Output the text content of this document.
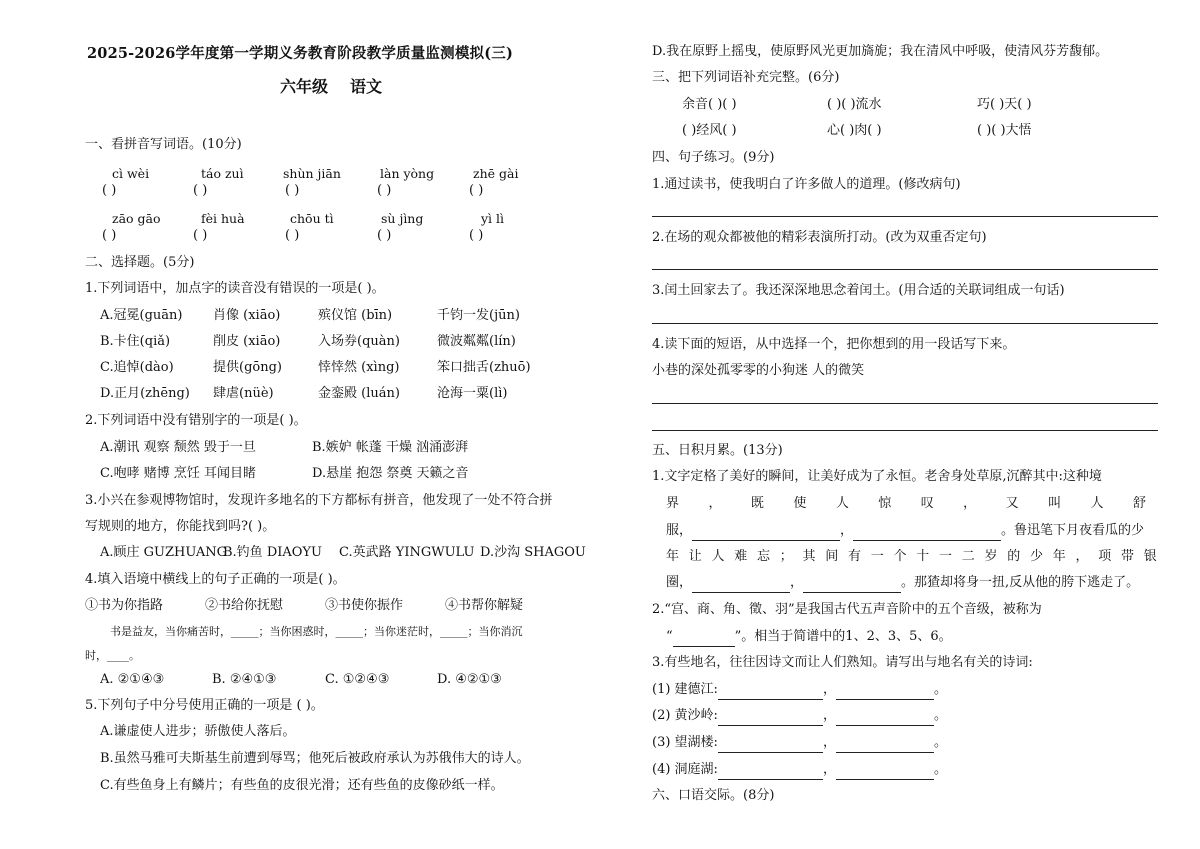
2025-2026学年度第一学期义务教育阶段教学质量监测模拟(三)
六年级 语文
一、看拼音写词语。(10分)
cì wèi	táo zuì	shùn jiān	làn yòng	zhē gài
( )	( )	( )	( )	( )
zāo gāo	fèi huà	chōu tì	sù jìng	yì lì
( )	( )	( )	( )	( )
二、选择题。(5分)
1.下列词语中，加点字的读音没有错误的一项是( )。
A.冠冕(guān) 肖像 (xiāo)	殡仪馆 (bīn)	千钧一发(jūn)
B.卡住(qiǎ)	削皮 (xiāo)	入场券(quàn)	微波粼粼(lín)
C.追悼(dào)	提供(gōng)	悻悻然 (xìng)	笨口拙舌(zhuō)
D.正月(zhēng) 肆虐(nüè)	金銮殿 (luán)	沧海一粟(lì)
2.下列词语中没有错别字的一项是( )。
A.潮讯 观察 颓然 毁于一旦	B.嫉妒 帐蓬 干燥 汹涌澎湃
C.咆哮 赌博 烹饪 耳闻目睹	D.悬崖 抱怨 祭奠 天籁之音
3.小兴在参观博物馆时，发现许多地名的下方都标有拼音，他发现了一处不符合拼
写规则的地方，你能找到吗?( )。
A.顾庄 GUZHUANG
B.钓鱼 DIAOYU C.英武路 YINGWULU D.沙沟 SHAGOU
4.填入语境中横线上的句子正确的一项是( )。
①书为你指路	②书给你抚慰	③书使你振作	④书帮你解疑
书是益友，当你痛苦时，_____；当你困惑时，_____；当你迷茫时，_____；当你消沉
时，____。
A. ②①④③	B. ②④①③	C. ①②④③	D. ④②①③
5.下列句子中分号使用正确的一项是 ( )。
A.谦虚使人进步；骄傲使人落后。
B.虽然马雅可夫斯基生前遭到辱骂；他死后被政府承认为苏俄伟大的诗人。
C.有些鱼身上有鳞片；有些鱼的皮很光滑；还有些鱼的皮像砂纸一样。
D.我在原野上摇曳，使原野风光更加旖旎；我在清风中呼吸，使清风芬芳馥郁。
三、把下列词语补充完整。(6分)
余音( )( )	( )( )流水	巧( )天( )
( )经风( )	心( )肉( )	( )( )大悟
四、句子练习。(9分)
1.通过读书，使我明白了许多做人的道理。(修改病句)
2.在场的观众都被他的精彩表演所打动。(改为双重否定句)
3.闰土回家去了。我还深深地思念着闰土。(用合适的关联词组成一句话)
4.读下面的短语，从中选择一个，把你想到的用一段话写下来。
小巷的深处孤零零的小狗迷 人的微笑
五、日积月累。(13分)
1.文字定格了美好的瞬间，让美好成为了永恒。老舍身处草原,沉醉其中:这种境
界 ， 既 使 人 惊 叹 ， 又 叫 人 舒
服，	，	。鲁迅笔下月夜看瓜的少
年 让 人 难 忘 ； 其 间 有 一 个 十 一 二 岁 的 少 年 ， 项 带 银
圈，	，	。那猹却将身一扭,反从他的胯下逃走了。
2.“宫、商、角、徵、羽”是我国古代五声音阶中的五个音级，被称为
“	”。相当于简谱中的1、2、3、5、6。
3.有些地名，往往因诗文而让人们熟知。请写出与地名有关的诗词:
(1) 建德江:	，	。
(2) 黄沙岭:	，	。
(3) 望湖楼:	，	。
(4) 洞庭湖:	，	。
六、口语交际。(8分)
